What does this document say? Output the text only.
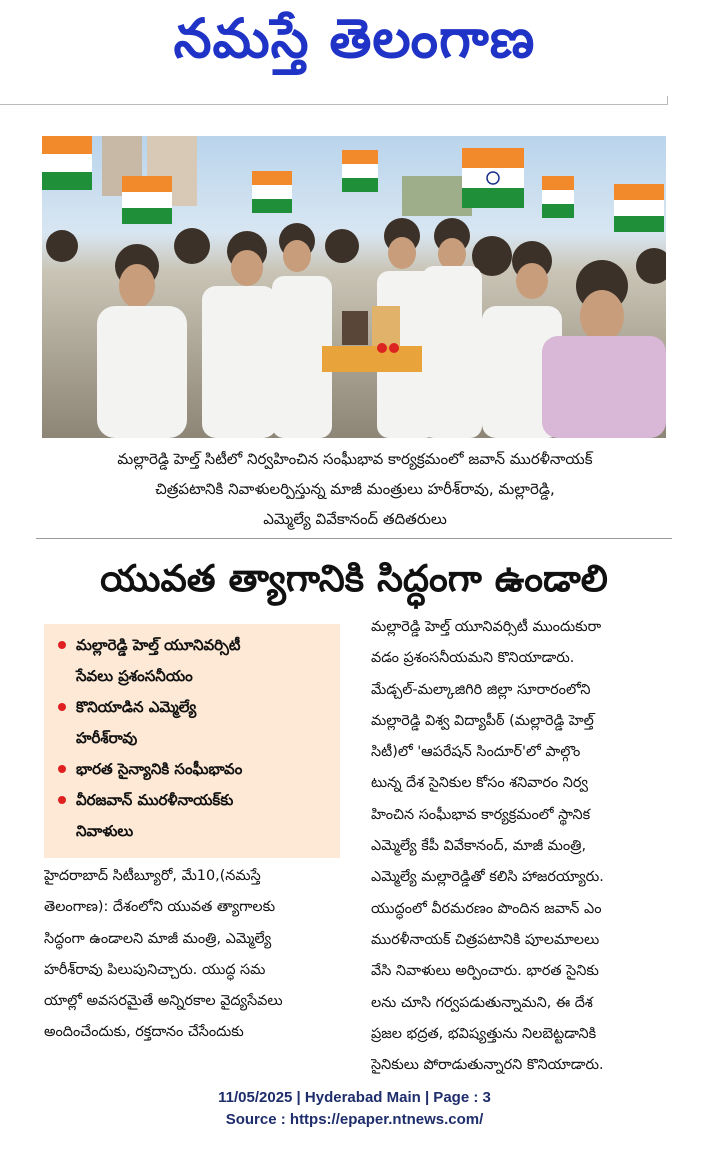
నమస్తే తెలంగాణ
మల్లారెడ్డి హెల్త్ సిటీలో నిర్వహించిన సంఘీభావ కార్యక్రమంలో జవాన్ మురళీనాయక్
చిత్రపటానికి నివాళులర్పిస్తున్న మాజీ మంత్రులు హరీశ్‌రావు, మల్లారెడ్డి,
ఎమ్మెల్యే వివేకానంద్ తదితరులు
యువత త్యాగానికి సిద్ధంగా ఉండాలి
మల్లారెడ్డి హెల్త్ యూనివర్సిటీ
సేవలు ప్రశంసనీయం
కొనియాడిన ఎమ్మెల్యే
హరీశ్‌రావు
భారత సైన్యానికి సంఘీభావం
వీరజవాన్ మురళీనాయక్‌కు
నివాళులు
హైదరాబాద్ సిటీబ్యూరో, మే10,(నమస్తే
తెలంగాణ): దేశంలోని యువత త్యాగాలకు
సిద్ధంగా ఉండాలని మాజీ మంత్రి, ఎమ్మెల్యే
హరీశ్‌రావు పిలుపునిచ్చారు. యుద్ధ సమ
యాల్లో అవసరమైతే అన్నిరకాల వైద్యసేవలు
అందించేందుకు, రక్తదానం చేసేందుకు
మల్లారెడ్డి హెల్త్ యూనివర్సిటీ ముందుకురా
వడం ప్రశంసనీయమని కొనియాడారు.
మేడ్చల్-మల్కాజిగిరి జిల్లా సూరారంలోని
మల్లారెడ్డి విశ్వ విద్యాపీఠ్ (మల్లారెడ్డి హెల్త్
సిటీ)లో 'ఆపరేషన్ సిందూర్'లో పాల్గొం
టున్న దేశ సైనికుల కోసం శనివారం నిర్వ
హించిన సంఘీభావ కార్యక్రమంలో స్థానిక
ఎమ్మెల్యే కేపీ వివేకానంద్, మాజీ మంత్రి,
ఎమ్మెల్యే మల్లారెడ్డితో కలిసి హాజరయ్యారు.
యుద్ధంలో వీరమరణం పొందిన జవాన్ ఎం
మురళీనాయక్ చిత్రపటానికి పూలమాలలు
వేసి నివాళులు అర్పించారు. భారత సైనికు
లను చూసి గర్వపడుతున్నామని, ఈ దేశ
ప్రజల భద్రత, భవిష్యత్తును నిలబెట్టడానికి
సైనికులు పోరాడుతున్నారని కొనియాడారు.
11/05/2025 | Hyderabad Main | Page : 3
Source : https://epaper.ntnews.com/
